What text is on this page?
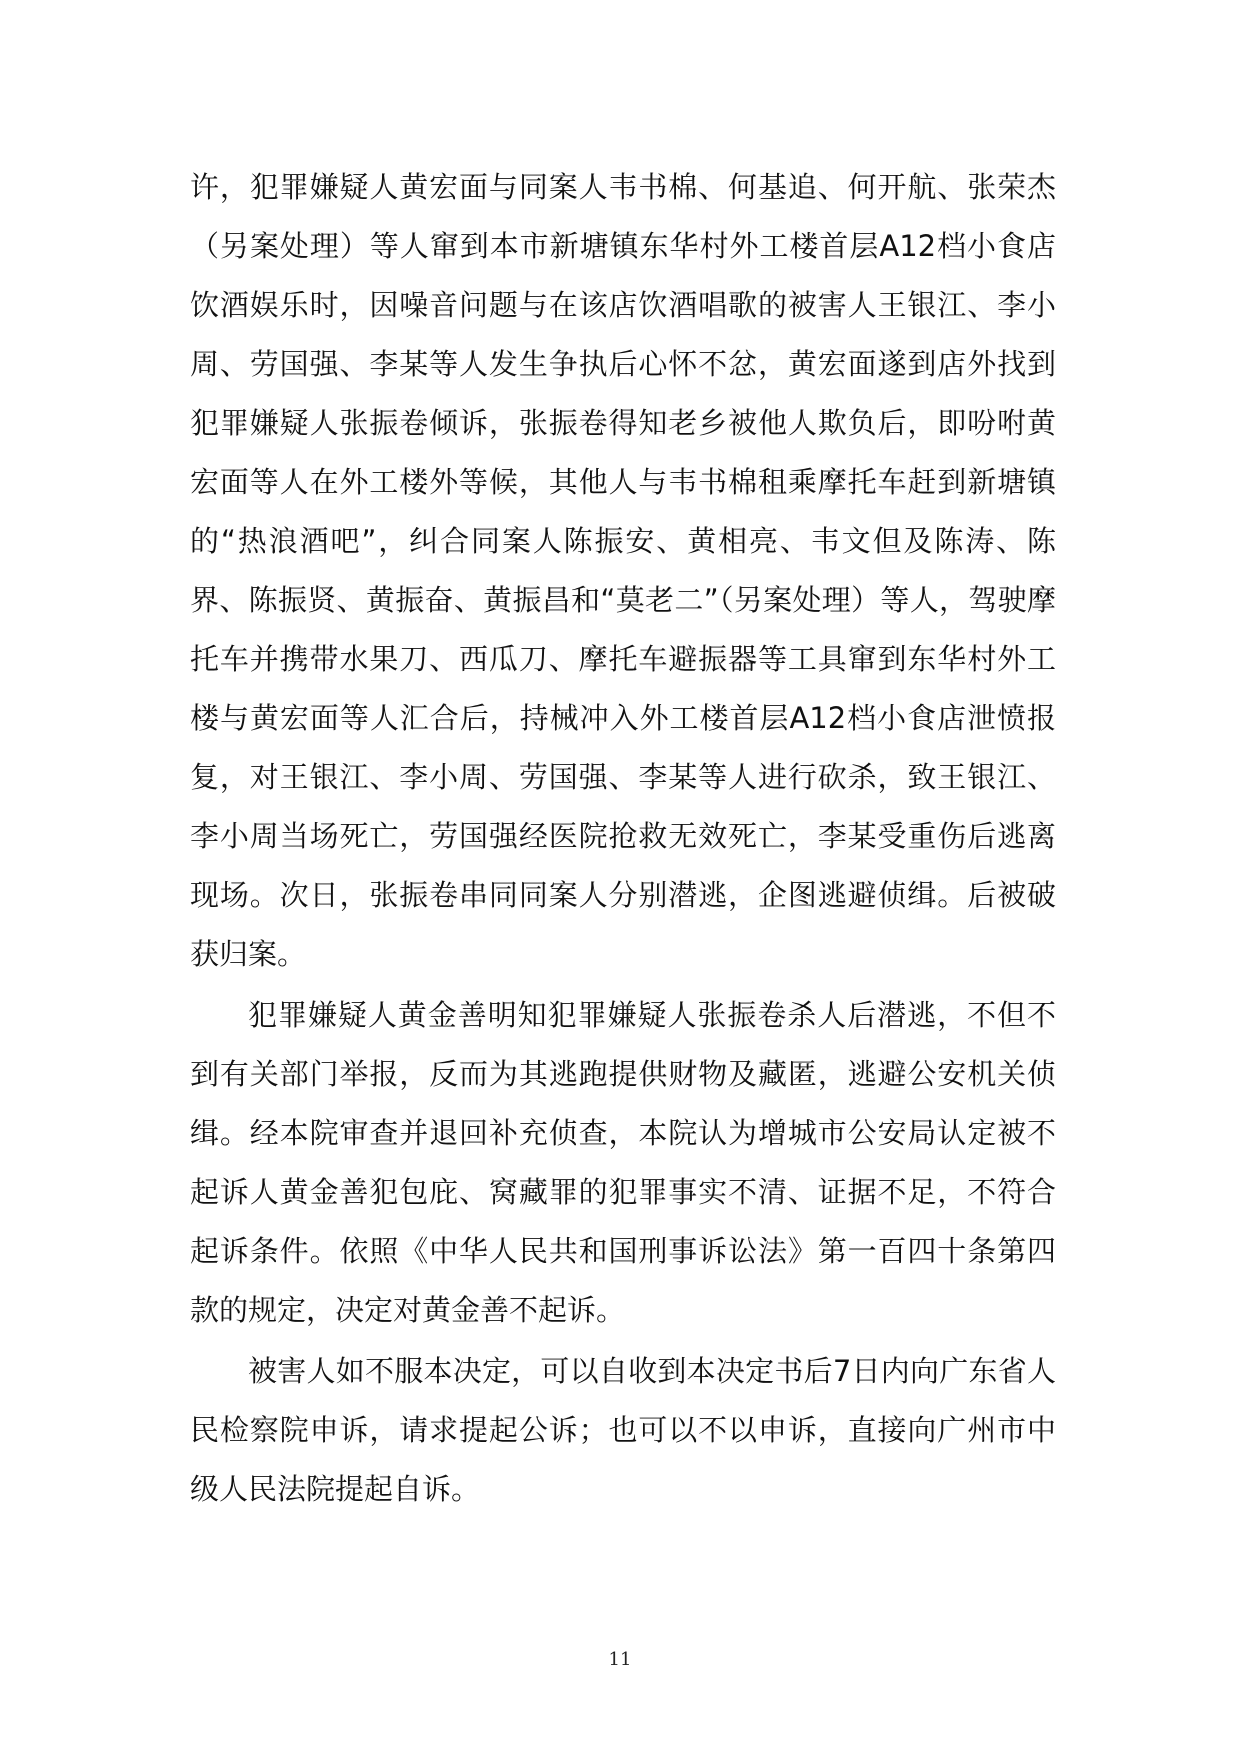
许，犯罪嫌疑人黄宏面与同案人韦书棉、何基追、何开航、张荣杰（另案处理）等人窜到本市新塘镇东华村外工楼首层A12档小食店饮酒娱乐时，因噪音问题与在该店饮酒唱歌的被害人王银江、李小周、劳国强、李某等人发生争执后心怀不忿，黄宏面遂到店外找到犯罪嫌疑人张振卷倾诉，张振卷得知老乡被他人欺负后，即吩咐黄宏面等人在外工楼外等候，其他人与韦书棉租乘摩托车赶到新塘镇的“热浪酒吧”，纠合同案人陈振安、黄相亮、韦文但及陈涛、陈界、陈振贤、黄振奋、黄振昌和“莫老二”（另案处理）等人，驾驶摩托车并携带水果刀、西瓜刀、摩托车避振器等工具窜到东华村外工楼与黄宏面等人汇合后，持械冲入外工楼首层A12档小食店泄愤报复，对王银江、李小周、劳国强、李某等人进行砍杀，致王银江、李小周当场死亡，劳国强经医院抢救无效死亡，李某受重伤后逃离现场。次日，张振卷串同同案人分别潜逃，企图逃避侦缉。后被破获归案。

犯罪嫌疑人黄金善明知犯罪嫌疑人张振卷杀人后潜逃，不但不到有关部门举报，反而为其逃跑提供财物及藏匿，逃避公安机关侦缉。经本院审查并退回补充侦查，本院认为增城市公安局认定被不起诉人黄金善犯包庇、窝藏罪的犯罪事实不清、证据不足，不符合起诉条件。依照《中华人民共和国刑事诉讼法》第一百四十条第四款的规定，决定对黄金善不起诉。

被害人如不服本决定，可以自收到本决定书后7日内向广东省人民检察院申诉，请求提起公诉；也可以不以申诉，直接向广州市中级人民法院提起自诉。

11
